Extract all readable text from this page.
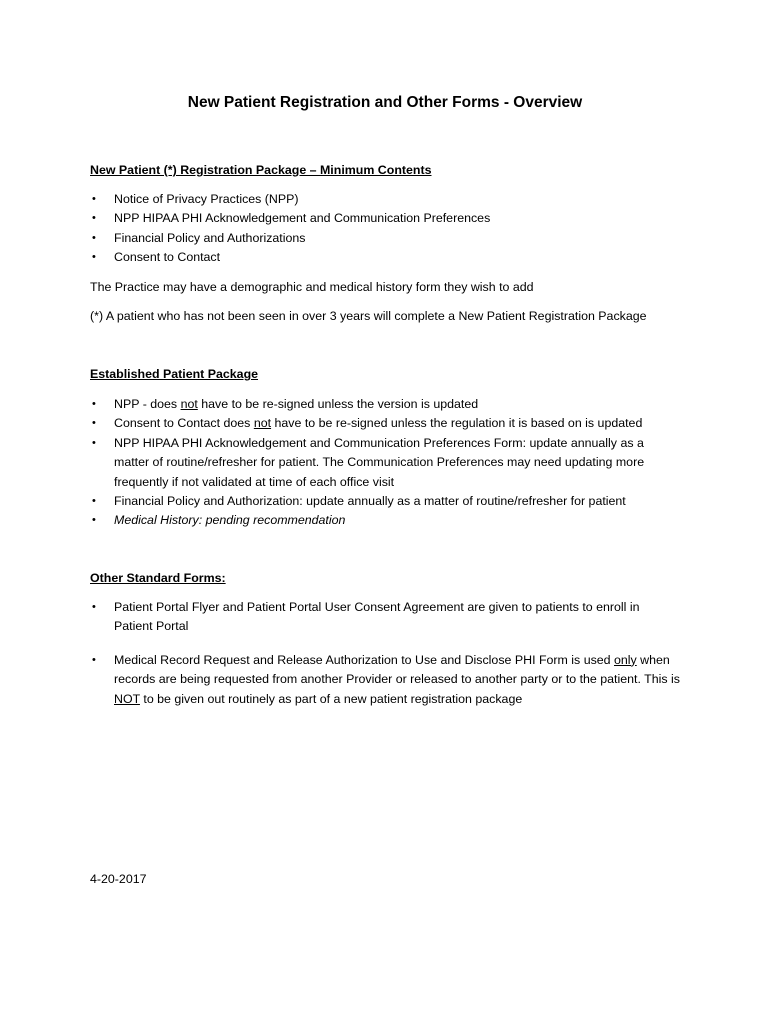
New Patient Registration and Other Forms - Overview

New Patient (*) Registration Package – Minimum Contents

• Notice of Privacy Practices (NPP)
• NPP HIPAA PHI Acknowledgement and Communication Preferences
• Financial Policy and Authorizations
• Consent to Contact

The Practice may have a demographic and medical history form they wish to add

(*) A patient who has not been seen in over 3 years will complete a New Patient Registration Package

Established Patient Package

• NPP - does not have to be re-signed unless the version is updated
• Consent to Contact does not have to be re-signed unless the regulation it is based on is updated
• NPP HIPAA PHI Acknowledgement and Communication Preferences Form: update annually as a matter of routine/refresher for patient. The Communication Preferences may need updating more frequently if not validated at time of each office visit
• Financial Policy and Authorization: update annually as a matter of routine/refresher for patient
• Medical History: pending recommendation

Other Standard Forms:

• Patient Portal Flyer and Patient Portal User Consent Agreement are given to patients to enroll in Patient Portal
• Medical Record Request and Release Authorization to Use and Disclose PHI Form is used only when records are being requested from another Provider or released to another party or to the patient. This is NOT to be given out routinely as part of a new patient registration package

4-20-2017
